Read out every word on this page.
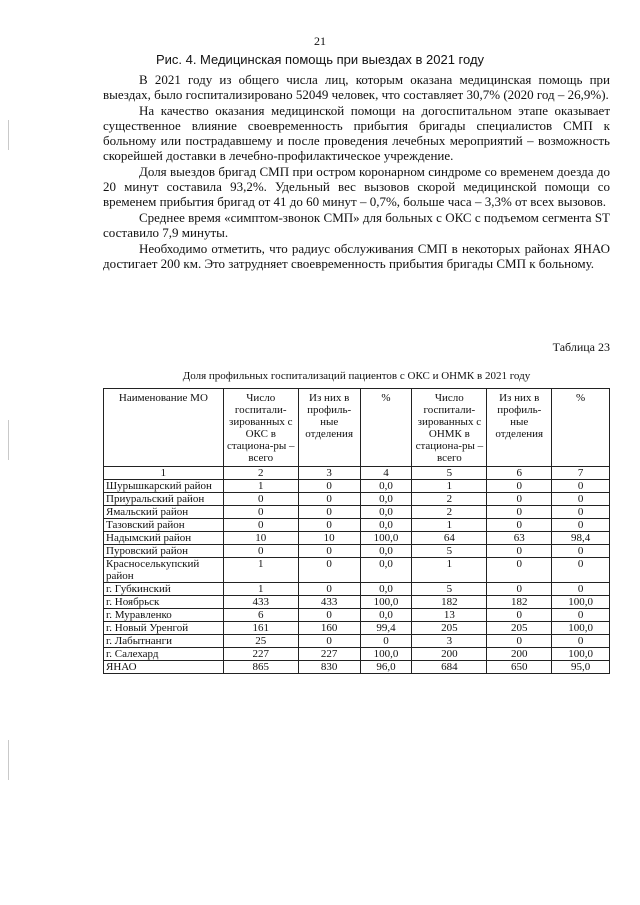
21
Рис. 4. Медицинская помощь при выездах в 2021 году

В 2021 году из общего числа лиц, которым оказана медицинская помощь при выездах, было госпитализировано 52049 человек, что составляет 30,7% (2020 год – 26,9%).

На качество оказания медицинской помощи на догоспитальном этапе оказывает существенное влияние своевременность прибытия бригады специалистов СМП к больному или пострадавшему и после проведения лечебных мероприятий – возможность скорейшей доставки в лечебно-профилактическое учреждение.

Доля выездов бригад СМП при остром коронарном синдроме со временем доезда до 20 минут составила 93,2%. Удельный вес вызовов скорой медицинской помощи со временем прибытия бригад от 41 до 60 минут – 0,7%, больше часа – 3,3% от всех вызовов.

Среднее время «симптом-звонок СМП» для больных с ОКС с подъемом сегмента ST составило 7,9 минуты.

Необходимо отметить, что радиус обслуживания СМП в некоторых районах ЯНАО достигает 200 км. Это затрудняет своевременность прибытия бригады СМП к больному.

Таблица 23
Доля профильных госпитализаций пациентов с ОКС и ОНМК в 2021 году
Наименование МО	Число госпитали-зированных с ОКС в стациона-ры – всего	Из них в профиль-ные отделения	%	Число госпитали-зированных с ОНМК в стациона-ры – всего	Из них в профиль-ные отделения	%
1	2	3	4	5	6	7
Шурышкарский район	1	0	0,0	1	0	0
Приуральский район	0	0	0,0	2	0	0
Ямальский район	0	0	0,0	2	0	0
Тазовский район	0	0	0,0	1	0	0
Надымский район	10	10	100,0	64	63	98,4
Пуровский район	0	0	0,0	5	0	0
Красноселькупский район	1	0	0,0	1	0	0
г. Губкинский	1	0	0,0	5	0	0
г. Ноябрьск	433	433	100,0	182	182	100,0
г. Муравленко	6	0	0,0	13	0	0
г. Новый Уренгой	161	160	99,4	205	205	100,0
г. Лабытнанги	25	0	0	3	0	0
г. Салехард	227	227	100,0	200	200	100,0
ЯНАО	865	830	96,0	684	650	95,0
